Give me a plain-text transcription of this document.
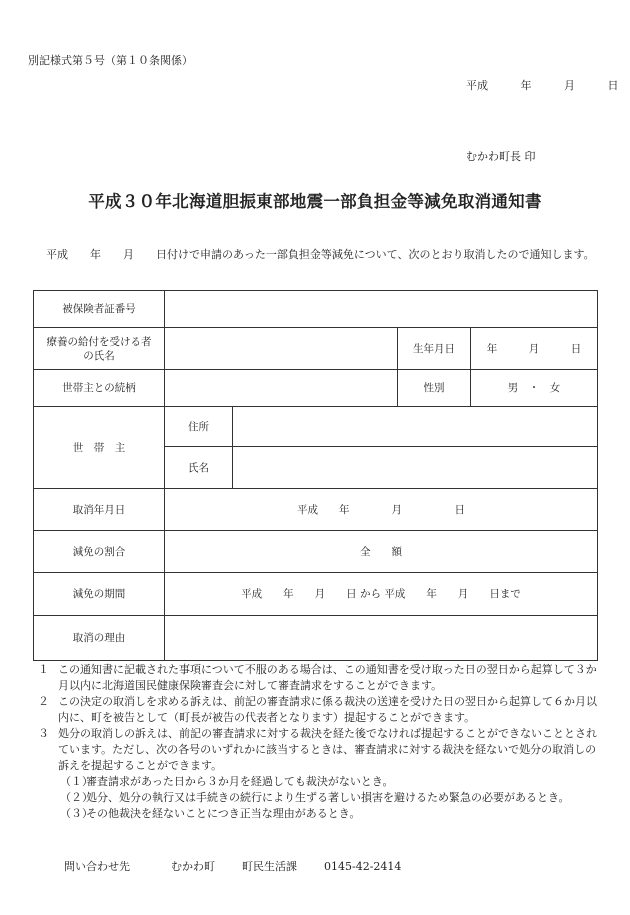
別記様式第５号（第１０条関係）
平成　 年　 月　 日
むかわ町長 印
平成３０年北海道胆振東部地震一部負担金等減免取消通知書
平成　　年　　月　　日付けで申請のあった一部負担金等減免について、次のとおり取消したので通知します。
被保険者証番号				
療養の給付を受ける者の氏名			生年月日	年　　　月　　　日
世帯主との続柄			性別	男　・　女
世　帯　主	住所			
	氏名			
取消年月日	平成　　年　　　　月　　　　　日			
減免の割合	全　　額			
減免の期間	平成　　年　　月　　日 から 平成　　年　　月　　日まで			
取消の理由				

１ この通知書に記載された事項について不服のある場合は、この通知書を受け取った日の翌日から起算して３か月以内に北海道国民健康保険審査会に対して審査請求をすることができます。

２ この決定の取消しを求める訴えは、前記の審査請求に係る裁決の送達を受けた日の翌日から起算して６か月以内に、町を被告として（町長が被告の代表者となります）提起することができます。

３ 処分の取消しの訴えは、前記の審査請求に対する裁決を経た後でなければ提起することができないこととされています。ただし、次の各号のいずれかに該当するときは、審査請求に対する裁決を経ないで処分の取消しの訴えを提起することができます。

（１）
審査請求があった日から３か月を経過しても裁決がないとき。

（２）
処分、処分の執行又は手続きの続行により生ずる著しい損害を避けるため緊急の必要があるとき。

（３）
その他裁決を経ないことにつき正当な理由があるとき。

問い合わせ先	むかわ町 町民生活課 0145-42-2414
